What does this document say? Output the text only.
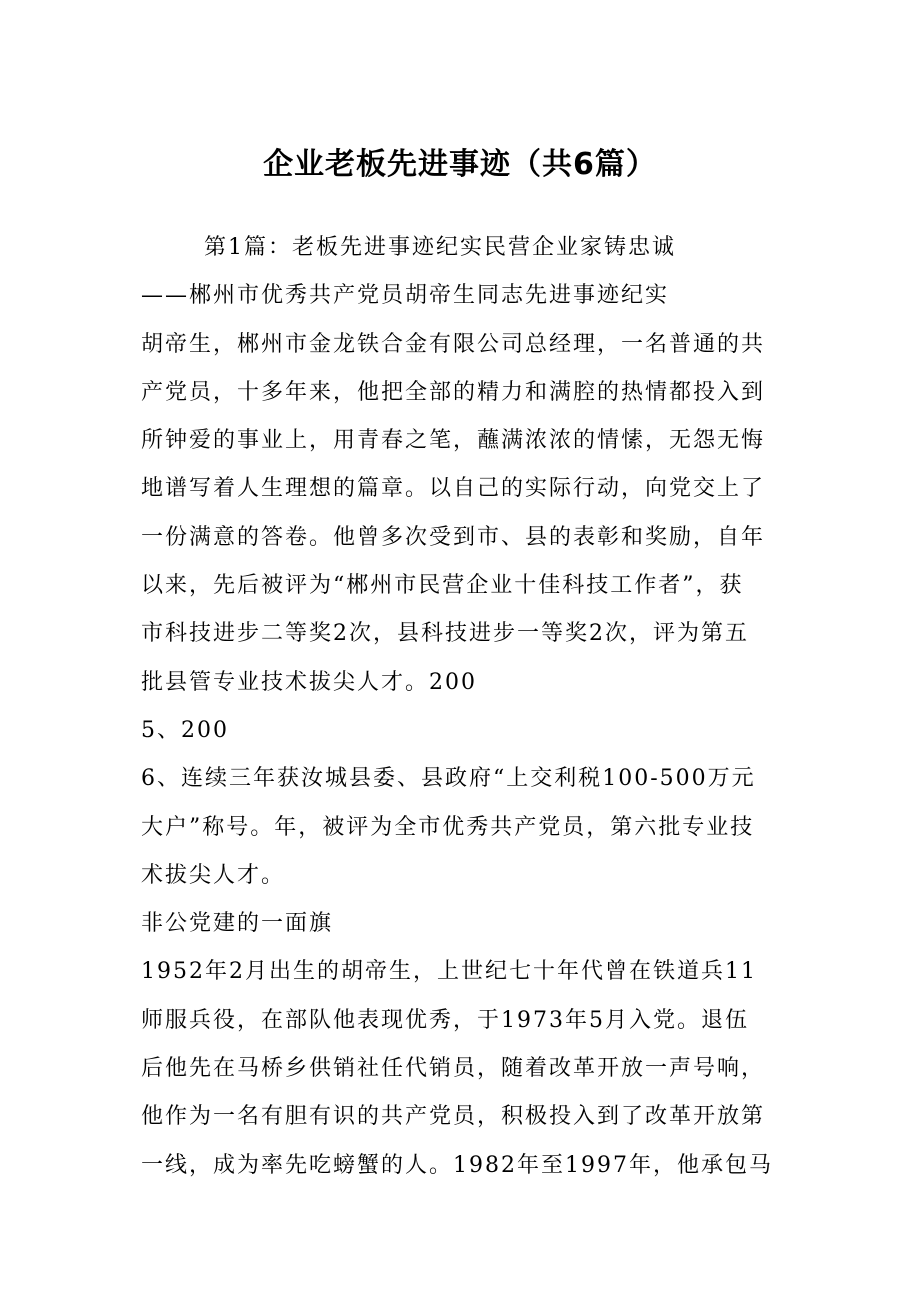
企业老板先进事迹（共6篇）
第1篇：老板先进事迹纪实民营企业家铸忠诚
——郴州市优秀共产党员胡帝生同志先进事迹纪实
胡帝生，郴州市金龙铁合金有限公司总经理，一名普通的共
产党员，十多年来，他把全部的精力和满腔的热情都投入到
所钟爱的事业上，用青春之笔，蘸满浓浓的情愫，无怨无悔
地谱写着人生理想的篇章。以自己的实际行动，向党交上了
一份满意的答卷。他曾多次受到市、县的表彰和奖励，自年
以来，先后被评为“郴州市民营企业十佳科技工作者”，获
市科技进步二等奖2次，县科技进步一等奖2次，评为第五
批县管专业技术拔尖人才。200
5、200
6、连续三年获汝城县委、县政府“上交利税100-500万元
大户”称号。年，被评为全市优秀共产党员，第六批专业技
术拔尖人才。
非公党建的一面旗
1952年2月出生的胡帝生，上世纪七十年代曾在铁道兵11
师服兵役，在部队他表现优秀，于1973年5月入党。退伍
后他先在马桥乡供销社任代销员，随着改革开放一声号响，
他作为一名有胆有识的共产党员，积极投入到了改革开放第
一线，成为率先吃螃蟹的人。1982年至1997年，他承包马
